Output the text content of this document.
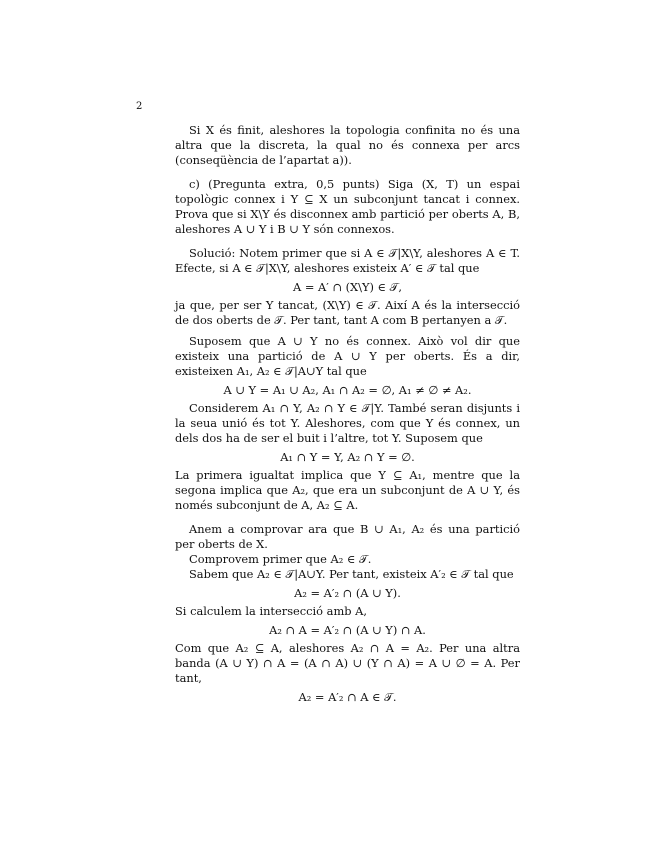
2

Si X és finit, aleshores la topologia confinita no és una altra que la discreta, la qual no és connexa per arcs (conseqüència de l’apartat a)).

c) (Pregunta extra, 0,5 punts) Siga (X, T) un espai topològic connex i Y ⊆ X un subconjunt tancat i connex. Prova que si X\Y és disconnex amb partició per oberts A, B, aleshores A ∪ Y i B ∪ Y són connexos.

Solució: Notem primer que si A ∈ 𝒯|X\Y, aleshores A ∈ T. Efecte, si A ∈ 𝒯|X\Y, aleshores existeix A′ ∈ 𝒯 tal que

A = A′ ∩ (X\Y) ∈ 𝒯,

ja que, per ser Y tancat, (X\Y) ∈ 𝒯. Així A és la intersecció de dos oberts de 𝒯. Per tant, tant A com B pertanyen a 𝒯.

Suposem que A ∪ Y no és connex. Això vol dir que existeix una partició de A ∪ Y per oberts. És a dir, existeixen A₁, A₂ ∈ 𝒯|A∪Y tal que

A ∪ Y = A₁ ∪ A₂, A₁ ∩ A₂ = ∅, A₁ ≠ ∅ ≠ A₂.

Considerem A₁ ∩ Y, A₂ ∩ Y ∈ 𝒯|Y. També seran disjunts i la seua unió és tot Y. Aleshores, com que Y és connex, un dels dos ha de ser el buit i l’altre, tot Y. Suposem que

A₁ ∩ Y = Y, A₂ ∩ Y = ∅.

La primera igualtat implica que Y ⊆ A₁, mentre que la segona implica que A₂, que era un subconjunt de A ∪ Y, és només subconjunt de A, A₂ ⊆ A.

Anem a comprovar ara que B ∪ A₁, A₂ és una partició per oberts de X.

Comprovem primer que A₂ ∈ 𝒯.

Sabem que A₂ ∈ 𝒯|A∪Y. Per tant, existeix A′₂ ∈ 𝒯 tal que

A₂ = A′₂ ∩ (A ∪ Y).

Si calculem la intersecció amb A,

A₂ ∩ A = A′₂ ∩ (A ∪ Y) ∩ A.

Com que A₂ ⊆ A, aleshores A₂ ∩ A = A₂. Per una altra banda (A ∪ Y) ∩ A = (A ∩ A) ∪ (Y ∩ A) = A ∪ ∅ = A. Per tant,

A₂ = A′₂ ∩ A ∈ 𝒯.
